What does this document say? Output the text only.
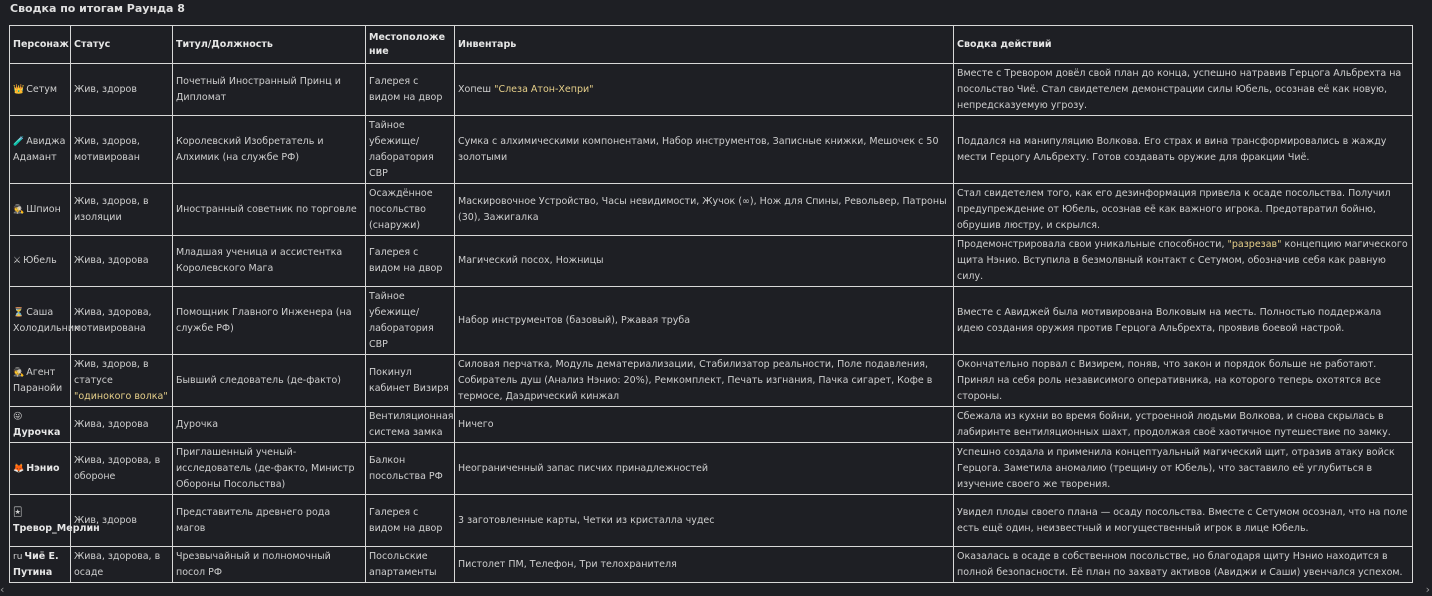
Сводка по итогам Раунда 8
Персонаж	Статус	Титул/Должность	Местоположение	Инвентарь	Сводка действий
👑 Сетум	Жив, здоров	Почетный Иностранный Принц и Дипломат	Галерея с видом на двор	Хопеш "Слеза Атон-Хепри"	Вместе с Тревором довёл свой план до конца, успешно натравив Герцога Альбрехта на посольство Чиё. Стал свидетелем демонстрации силы Юбель, осознав её как новую, непредсказуемую угрозу.
🧪 Авиджа Адамант	Жив, здоров, мотивирован	Королевский Изобретатель и Алхимик (на службе РФ)	Тайное убежище/ лаборатория СВР	Сумка с алхимическими компонентами, Набор инструментов, Записные книжки, Мешочек с 50 золотыми	Поддался на манипуляцию Волкова. Его страх и вина трансформировались в жажду мести Герцогу Альбрехту. Готов создавать оружие для фракции Чиё.
🕵 Шпион	Жив, здоров, в изоляции	Иностранный советник по торговле	Осаждённое посольство (снаружи)	Маскировочное Устройство, Часы невидимости, Жучок (∞), Нож для Спины, Револьвер, Патроны (30), Зажигалка	Стал свидетелем того, как его дезинформация привела к осаде посольства. Получил предупреждение от Юбель, осознав её как важного игрока. Предотвратил бойню, обрушив люстру, и скрылся.
⚔ Юбель	Жива, здорова	Младшая ученица и ассистентка Королевского Мага	Галерея с видом на двор	Магический посох, Ножницы	Продемонстрировала свои уникальные способности, "разрезав" концепцию магического щита Нэнио. Вступила в безмолвный контакт с Сетумом, обозначив себя как равную силу.
⏳ Саша Холодильник	Жива, здорова, мотивирована	Помощник Главного Инженера (на службе РФ)	Тайное убежище/ лаборатория СВР	Набор инструментов (базовый), Ржавая труба	Вместе с Авиджей была мотивирована Волковым на месть. Полностью поддержала идею создания оружия против Герцога Альбрехта, проявив боевой настрой.
🕵 Агент Паранойи	Жив, здоров, в статусе "одинокого волка"	Бывший следователь (де-факто)	Покинул кабинет Визиря	Силовая перчатка, Модуль дематериализации, Стабилизатор реальности, Поле подавления, Собиратель душ (Анализ Нэнио: 20%), Ремкомплект, Печать изгнания, Пачка сигарет, Кофе в термосе, Даэдрический кинжал	Окончательно порвал с Визирем, поняв, что закон и порядок больше не работают. Принял на себя роль независимого оперативника, на которого теперь охотятся все стороны.
😜Дурочка	Жива, здорова	Дурочка	Вентиляционная система замка	Ничего	Сбежала из кухни во время бойни, устроенной людьми Волкова, и снова скрылась в лабиринте вентиляционных шахт, продолжая своё хаотичное путешествие по замку.
🦊 Нэнио	Жива, здорова, в обороне	Приглашенный ученый-исследователь (де-факто, Министр Обороны Посольства)	Балкон посольства РФ	Неограниченный запас писчих принадлежностей	Успешно создала и применила концептуальный магический щит, отразив атаку войск Герцога. Заметила аномалию (трещину от Юбель), что заставило её углубиться в изучение своего же творения.
🃏Тревор_Мерлин	Жив, здоров	Представитель древнего рода магов	Галерея с видом на двор	3 заготовленные карты, Четки из кристалла чудес	Увидел плоды своего плана — осаду посольства. Вместе с Сетумом осознал, что на поле есть ещё один, неизвестный и могущественный игрок в лице Юбель.
ru Чиё Е. Путина	Жива, здорова, в осаде	Чрезвычайный и полномочный посол РФ	Посольские апартаменты	Пистолет ПМ, Телефон, Три телохранителя	Оказалась в осаде в собственном посольстве, но благодаря щиту Нэнио находится в полной безопасности. Её план по захвату активов (Авиджи и Саши) увенчался успехом.
‹	›
